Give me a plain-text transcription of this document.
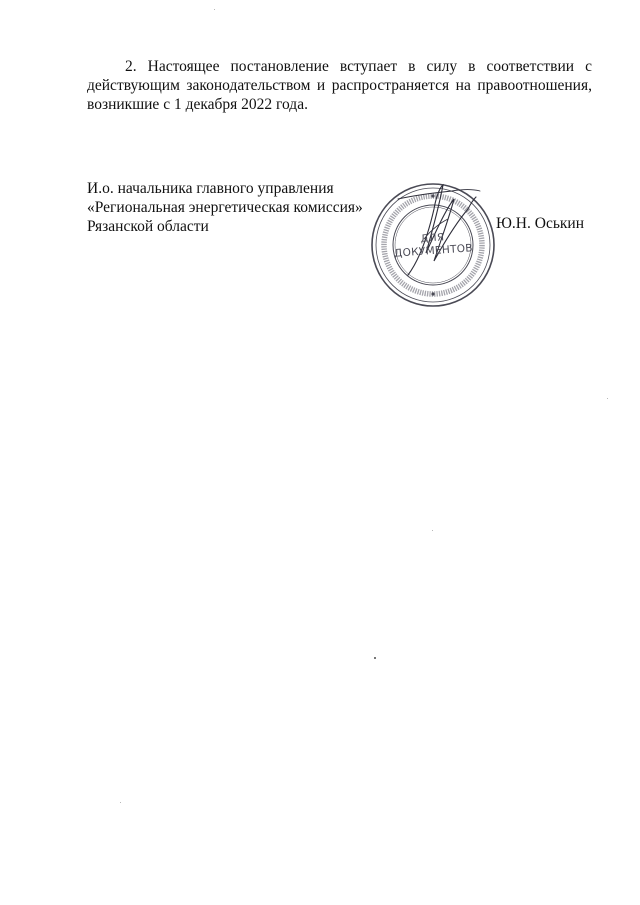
2. Настоящее постановление вступает в силу в соответствии с действующим законодательством и распространяется на правоотношения, возникшие с 1 декабря 2022 года.

И.о. начальника главного управления
«Региональная энергетическая комиссия»
Рязанской области
ДЛЯ
ДОКУМЕНТОВ
Ю.Н. Оськин
